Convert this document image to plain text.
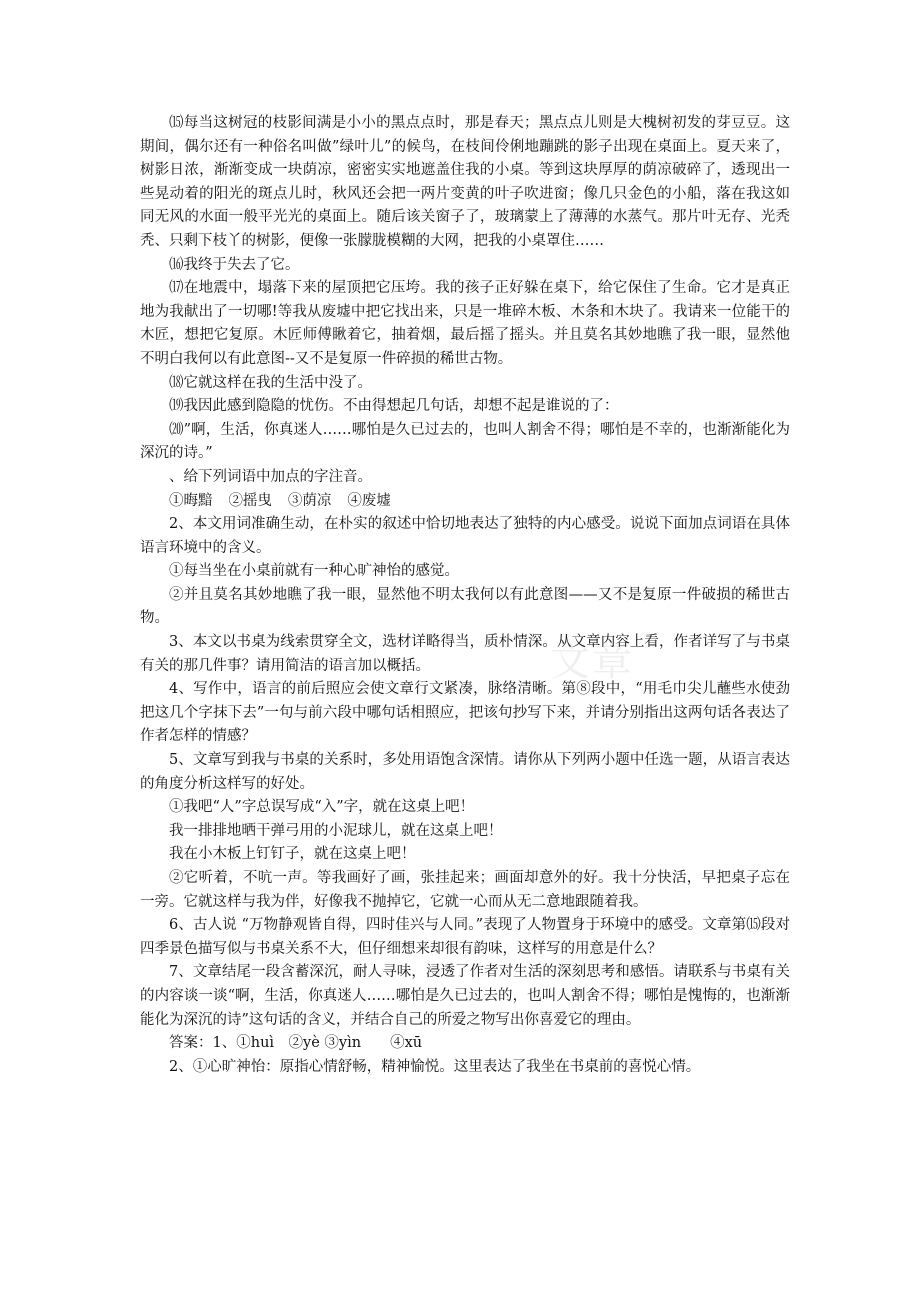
⒂每当这树冠的枝影间满是小小的黑点点时，那是春天；黑点点儿则是大槐树初发的芽豆豆。这期间，偶尔还有一种俗名叫做”绿叶儿”的候鸟，在枝间伶俐地蹦跳的影子出现在桌面上。夏天来了，树影日浓，渐渐变成一块荫凉，密密实实地遮盖住我的小桌。等到这块厚厚的荫凉破碎了，透现出一些晃动着的阳光的斑点儿时，秋风还会把一两片变黄的叶子吹进窗；像几只金色的小船，落在我这如同无风的水面一般平光光的桌面上。随后该关窗子了，玻璃蒙上了薄薄的水蒸气。那片叶无存、光秃秃、只剩下枝丫的树影，便像一张朦胧模糊的大网，把我的小桌罩住……

⒃我终于失去了它。

⒄在地震中，塌落下来的屋顶把它压垮。我的孩子正好躲在桌下，给它保住了生命。它才是真正地为我献出了一切哪!等我从废墟中把它找出来，只是一堆碎木板、木条和木块了。我请来一位能干的木匠，想把它复原。木匠师傅瞅着它，抽着烟，最后摇了摇头。并且莫名其妙地瞧了我一眼，显然他不明白我何以有此意图--又不是复原一件碎损的稀世古物。

⒅它就这样在我的生活中没了。

⒆我因此感到隐隐的忧伤。不由得想起几句话，却想不起是谁说的了：

⒇”啊，生活，你真迷人……哪怕是久已过去的，也叫人割舍不得；哪怕是不幸的，也渐渐能化为深沉的诗。”

、给下列词语中加点的字注音。

①晦黯 ②摇曳 ③荫凉 ④废墟

2、本文用词准确生动，在朴实的叙述中恰切地表达了独特的内心感受。说说下面加点词语在具体语言环境中的含义。

①每当坐在小桌前就有一种心旷神怡的感觉。

②并且莫名其妙地瞧了我一眼，显然他不明太我何以有此意图——又不是复原一件破损的稀世古物。

3、本文以书桌为线索贯穿全文，选材详略得当，质朴情深。从文章内容上看，作者详写了与书桌有关的那几件事？请用简洁的语言加以概括。

4、写作中，语言的前后照应会使文章行文紧凑，脉络清晰。第⑧段中，“用毛巾尖儿蘸些水使劲把这几个字抹下去”一句与前六段中哪句话相照应，把该句抄写下来，并请分别指出这两句话各表达了作者怎样的情感？

5、文章写到我与书桌的关系时，多处用语饱含深情。请你从下列两小题中任选一题，从语言表达的角度分析这样写的好处。

①我吧“人”字总误写成“入”字，就在这桌上吧！

我一排排地晒干弹弓用的小泥球儿，就在这桌上吧！

我在小木板上钉钉子，就在这桌上吧！

②它听着，不吭一声。等我画好了画，张挂起来；画面却意外的好。我十分快活，早把桌子忘在一旁。它就这样与我为伴，好像我不抛掉它，它就一心而从无二意地跟随着我。

6、古人说 “万物静观皆自得，四时佳兴与人同。”表现了人物置身于环境中的感受。文章第⒂段对四季景色描写似与书桌关系不大，但仔细想来却很有韵味，这样写的用意是什么？

7、文章结尾一段含蓄深沉，耐人寻味，浸透了作者对生活的深刻思考和感悟。请联系与书桌有关的内容谈一谈“啊，生活，你真迷人……哪怕是久已过去的，也叫人割舍不得；哪怕是愧悔的，也渐渐能化为深沉的诗”这句话的含义，并结合自己的所爱之物写出你喜爱它的理由。

答案：1、①huì　②yè ③yìn　　④xū

2、①心旷神怡：原指心情舒畅，精神愉悦。这里表达了我坐在书桌前的喜悦心情。

文章
